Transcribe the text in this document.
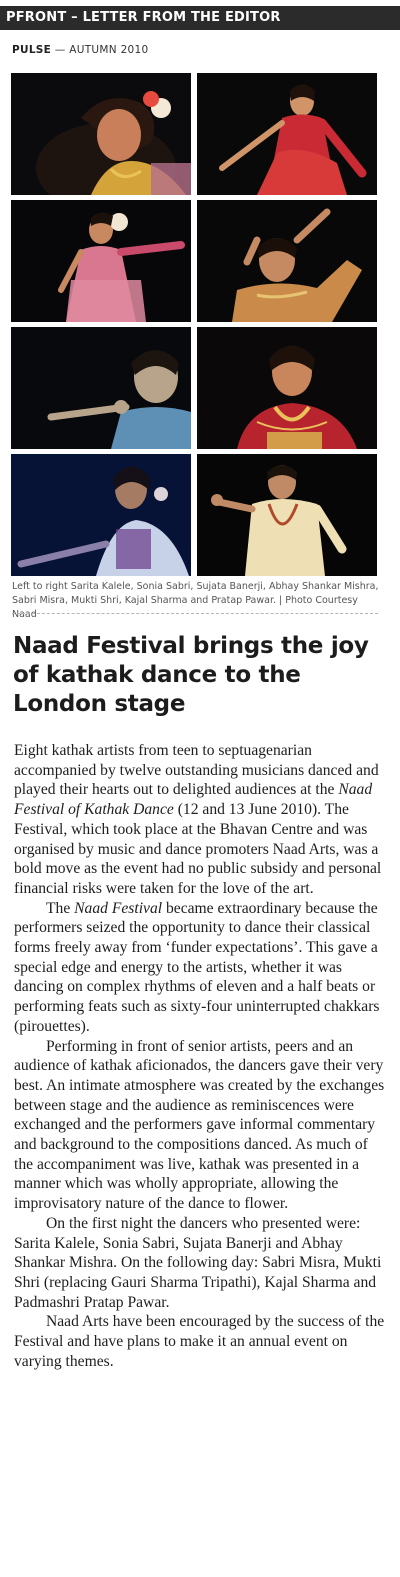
PFRONT – LETTER FROM THE EDITOR
PULSE — AUTUMN 2010
Left to right Sarita Kalele, Sonia Sabri, Sujata Banerji, Abhay Shankar Mishra, Sabri Misra, Mukti Shri, Kajal Sharma and Pratap Pawar. | Photo Courtesy Naad
Naad Festival brings the joy of kathak dance to the London stage

Eight kathak artists from teen to septuagenarian accompanied by twelve outstanding musicians danced and played their hearts out to delighted audiences at the Naad Festival of Kathak Dance (12 and 13 June 2010). The Festival, which took place at the Bhavan Centre and was organised by music and dance promoters Naad Arts, was a bold move as the event had no public subsidy and personal financial risks were taken for the love of the art.

The Naad Festival became extraordinary because the performers seized the opportunity to dance their classical forms freely away from ‘funder expectations’. This gave a special edge and energy to the artists, whether it was dancing on complex rhythms of eleven and a half beats or performing feats such as sixty-four uninterrupted chakkars (pirouettes).

Performing in front of senior artists, peers and an audience of kathak aficionados, the dancers gave their very best. An intimate atmosphere was created by the exchanges between stage and the audience as reminiscences were exchanged and the performers gave informal commentary and background to the compositions danced. As much of the accompaniment was live, kathak was presented in a manner which was wholly appropriate, allowing the improvisatory nature of the dance to flower.

On the first night the dancers who presented were: Sarita Kalele, Sonia Sabri, Sujata Banerji and Abhay Shankar Mishra. On the following day: Sabri Misra, Mukti Shri (replacing Gauri Sharma Tripathi), Kajal Sharma and Padmashri Pratap Pawar.

Naad Arts have been encouraged by the success of the Festival and have plans to make it an annual event on varying themes.
